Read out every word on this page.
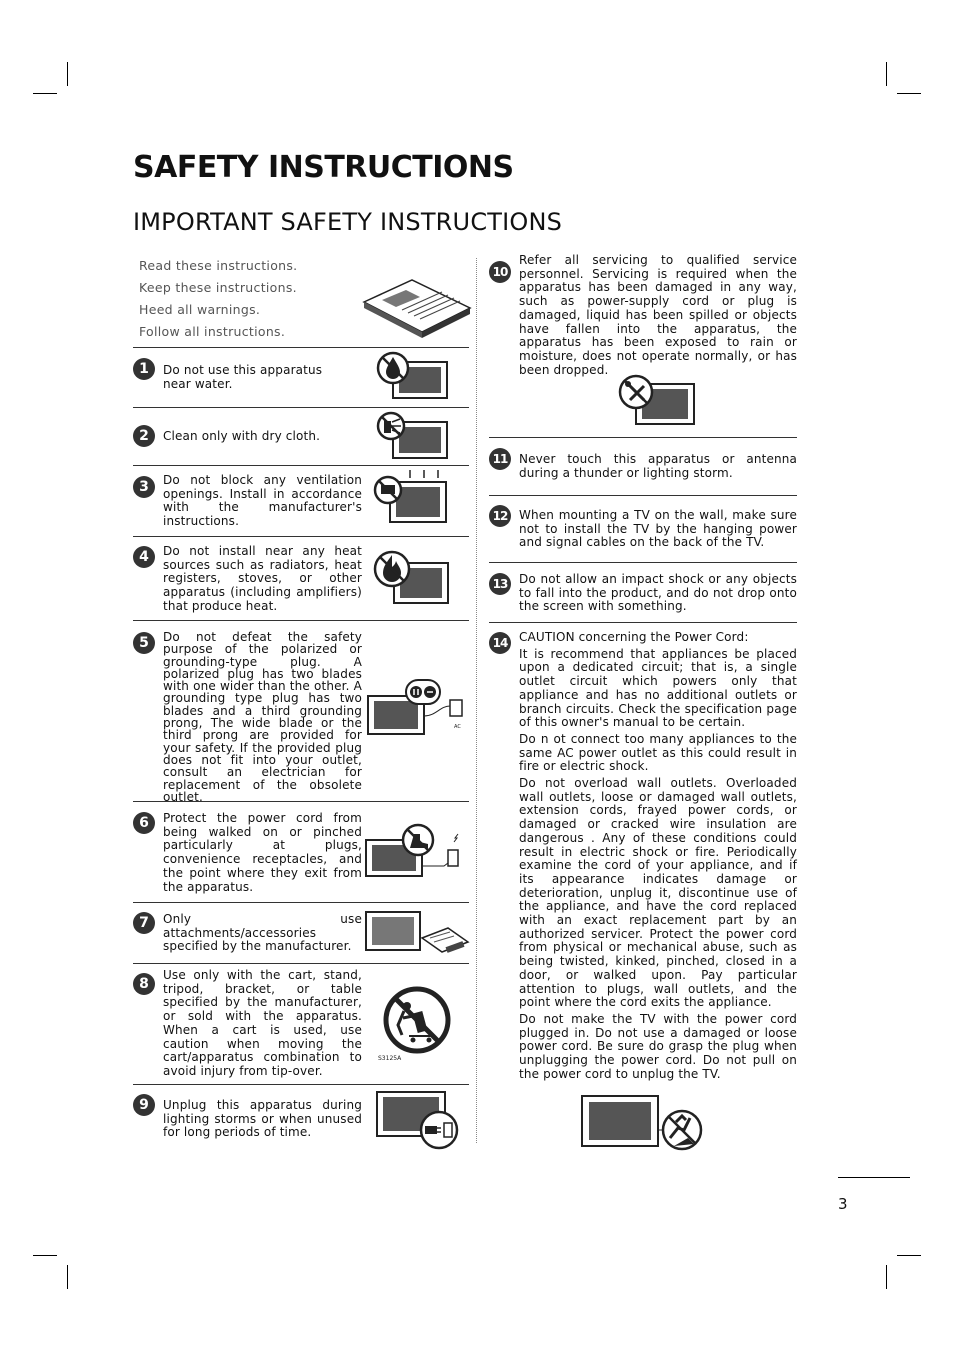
SAFETY INSTRUCTIONS
IMPORTANT SAFETY INSTRUCTIONS
Read these instructions.
Keep these instructions.
Heed all warnings.
Follow all instructions.
1	Do not use this apparatus near water.
2	Clean only with dry cloth.
3	Do not block any ventilation openings. Install in accordance with the manufacturer's instructions.
4	Do not install near any heat sources such as radiators, heat registers, stoves, or other apparatus (including amplifiers) that produce heat.
5	Do not defeat the safety purpose of the polarized or grounding-type plug. A polarized plug has two blades with one wider than the other. A grounding type plug has two blades and a third grounding prong, The wide blade or the third prong are provided for your safety. If the provided plug does not fit into your outlet, consult an electrician for replacement of the obsolete outlet.
AC
6	Protect the power cord from being walked on or pinched particularly at plugs, convenience receptacles, and the point where they exit from the apparatus.
7	Only use attachments/accessories specified by the manufacturer.
8
Use only with the cart, stand, tripod, bracket, or table specified by the manufacturer, or sold with the apparatus. When a cart is used, use caution when moving the cart/apparatus combination to avoid injury from tip-over.
S3125A
9	Unplug this apparatus during lighting storms or when unused for long periods of time.
10
Refer all servicing to qualified service personnel. Servicing is required when the apparatus has been damaged in any way, such as power-supply cord or plug is damaged, liquid has been spilled or objects have fallen into the apparatus, the apparatus has been exposed to rain or moisture, does not operate normally, or has been dropped.
11 Never touch this apparatus or antenna during a thunder or lighting storm.
12 When mounting a TV on the wall, make sure not to install the TV by the hanging power and signal cables on the back of the TV.
13 Do not allow an impact shock or any objects to fall into the product, and do not drop onto the screen with something.
14 CAUTION concerning the Power Cord:
It is recommend that appliances be placed upon a dedicated circuit; that is, a single outlet circuit which powers only that appliance and has no additional outlets or branch circuits. Check the specification page of this owner's manual to be certain.
Do n ot connect too many appliances to the same AC power outlet as this could result in fire or electric shock.
Do not overload wall outlets. Overloaded wall outlets, loose or damaged wall outlets, extension cords, frayed power cords, or damaged or cracked wire insulation are dangerous . Any of these conditions could result in electric shock or fire. Periodically examine the cord of your appliance, and if its appearance indicates damage or deterioration, unplug it, discontinue use of the appliance, and have the cord replaced with an exact replacement part by an authorized servicer. Protect the power cord from physical or mechanical abuse, such as being twisted, kinked, pinched, closed in a door, or walked upon. Pay particular attention to plugs, wall outlets, and the point where the cord exits the appliance.
Do not make the TV with the power cord plugged in. Do not use a damaged or loose power cord. Be sure do grasp the plug when unplugging the power cord. Do not pull on the power cord to unplug the TV.
3
